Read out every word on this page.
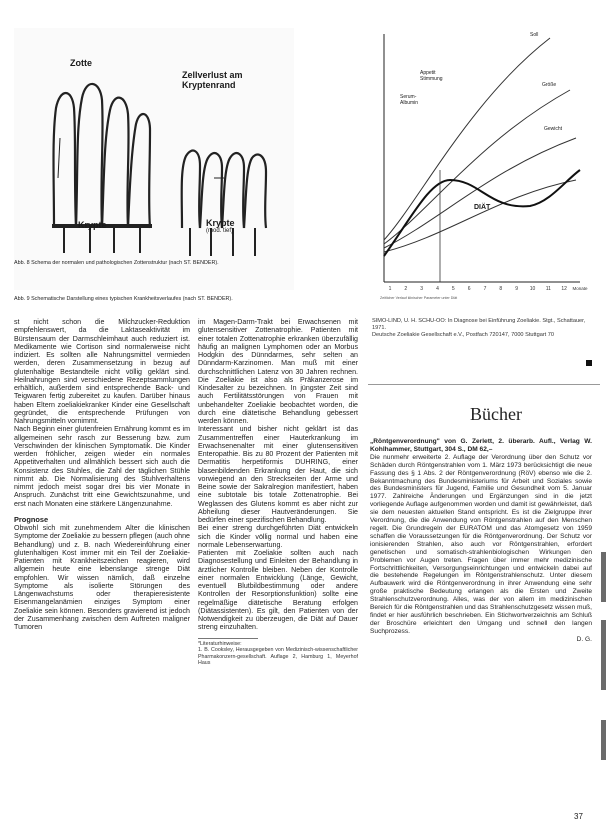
Zotte
Zellverlust am
Kryptenrand
Krypte	Krypte
(mod. tief)
Abb. 8 Schema der normalen und pathologischen Zottenstruktur (nach ST. BENDER).
Abb. 9 Schematische Darstellung eines typischen Krankheitsverlaufes (nach ST. BENDER).
1	2	3	4	5	6	7	8	9 10 11 12 Monate
Soll
Appetit
Stimmung
Größe
Serum-
Albumin
Gewicht
DIÄT
Zeitlicher Verlauf klinischer Parameter unter Diät
SIMO-LIND, U. H. SCHU-OO: In Diagnose bei Einführung Zoeliakie. Stgt., Schattauer, 1971.
Deutsche Zoeliakie Gesellschaft e.V., Postfach 720147, 7000 Stuttgart 70

st nicht schon die Milchzucker-Reduktion empfehlenswert, da die Laktaseaktivität im Bürstensaum der Darmschleimhaut auch reduziert ist. Medikamente wie Cortison sind normalerweise nicht indiziert. Es sollten alle Nahrungsmittel vermieden werden, deren Zusammensetzung in bezug auf glutenhaltige Bestandteile nicht völlig geklärt sind. Heilnahrungen sind verschiedene Rezeptsammlungen erhältlich, außerdem sind entsprechende Back- und Teigwaren fertig zubereitet zu kaufen. Darüber hinaus haben Eltern zoeliakiekranker Kinder eine Gesellschaft gegründet, die entsprechende Prüfungen von Nahrungsmitteln vornimmt.

Nach Beginn einer glutenfreien Ernährung kommt es im allgemeinen sehr rasch zur Besserung bzw. zum Verschwinden der klinischen Symptomatik. Die Kinder werden fröhlicher, zeigen wieder ein normales Appetitverhalten und allmählich bessert sich auch die Konsistenz des Stuhles, die Zahl der täglichen Stühle nimmt ab. Die Normalisierung des Stuhlverhaltens nimmt jedoch meist sogar drei bis vier Monate in Anspruch. Zunächst tritt eine Gewichtszunahme, und erst nach Monaten eine stärkere Längenzunahme.

Prognose

Obwohl sich mit zunehmendem Alter die klinischen Symptome der Zoeliakie zu bessern pflegen (auch ohne Behandlung) und z. B. nach Wiedereinführung einer glutenhaltigen Kost immer mit ein Teil der Zoeliakie-Patienten mit Krankheitszeichen reagieren, wird allgemein heute eine lebenslange strenge Diät empfohlen. Wir wissen nämlich, daß einzelne Symptome als isolierte Störungen des Längenwachstums oder therapieresistente Eisenmangelanämien einziges Symptom einer Zoeliakie sein können. Besonders gravierend ist jedoch der Zusammenhang zwischen dem Auftreten maligner Tumoren

im Magen-Darm-Trakt bei Erwachsenen mit glutensensitiver Zottenatrophie. Patienten mit einer totalen Zottenatrophie erkranken überzufällig häufig an malignen Lymphomen oder an Morbus Hodgkin des Dünndarmes, sehr selten an Dünndarm-Karzinomen. Man muß mit einer durchschnittlichen Latenz von 30 Jahren rechnen. Die Zoeliakie ist also als Präkanzerose im Kindesalter zu bezeichnen. In jüngster Zeit sind auch Fertilitätsstörungen von Frauen mit unbehandelter Zoeliakie beobachtet worden, die durch eine diätetische Behandlung gebessert werden können.

Interessant und bisher nicht geklärt ist das Zusammentreffen einer Hauterkrankung im Erwachsenenalter mit einer glutensensitiven Enteropathie. Bis zu 80 Prozent der Patienten mit Dermatitis herpetiformis DUHRING, einer blasenbildenden Erkrankung der Haut, die sich vorwiegend an den Streckseiten der Arme und Beine sowie der Sakralregion manifestiert, haben eine subtotale bis totale Zottenatrophie. Bei Weglassen des Glutens kommt es aber nicht zur Abheilung dieser Hautveränderungen. Sie bedürfen einer spezifischen Behandlung.

Bei einer streng durchgeführten Diät entwickeln sich die Kinder völlig normal und haben eine normale Lebenserwartung.

Patienten mit Zoeliakie sollten auch nach Diagnosestellung und Einleiten der Behandlung in ärztlicher Kontrolle bleiben. Neben der Kontrolle einer normalen Entwicklung (Länge, Gewicht, eventuell Blutbildbestimmung oder andere Kontrollen der Resorptionsfunktion) sollte eine regelmäßige diätetische Beratung erfolgen (Diätassistenten). Es gilt, den Patienten von der Notwendigkeit zu überzeugen, die Diät auf Dauer streng einzuhalten.

*Literaturhinweise:
1. B. Cooksley, Herausgegeben von Medizinisch-wissenschaftlicher Pharmakonzern-gesellschaft. Auflage 2, Hamburg 1, Meyerhof Haus
Bücher

„Röntgenverordnung" von G. Zerlett, 2. überarb. Aufl., Verlag W. Kohlhammer, Stuttgart, 304 S., DM 62,–

Die nunmehr erweiterte 2. Auflage der Verordnung über den Schutz vor Schäden durch Röntgenstrahlen vom 1. März 1973 berücksichtigt die neue Fassung des § 1 Abs. 2 der Röntgenverordnung (RöV) ebenso wie die 2. Bekanntmachung des Bundesministeriums für Arbeit und Soziales sowie des Bundesministers für Jugend, Familie und Gesundheit vom 5. Januar 1977. Zahlreiche Änderungen und Ergänzungen sind in die jetzt vorliegende Auflage aufgenommen worden und damit ist gewährleistet, daß sie dem neuesten aktuellen Stand entspricht. Es ist die Zielgruppe ihrer Verordnung, die die Anwendung von Röntgenstrahlen auf den Menschen regelt. Die Grundregeln der EURATOM und das Atomgesetz von 1959 schaffen die Voraussetzungen für die Röntgenverordnung. Der Schutz vor ionisierenden Strahlen, also auch vor Röntgenstrahlen, erfordert genetischen und somatisch-strahlenbiologischen Wirkungen den Problemen vor Augen treten. Fragen über immer mehr medizinische Fortschrittlichkeiten, Versorgungseinrichtungen und entwickeln dabei auf die bestehende Regelungen im Röntgenstrahlenschutz. Unter diesem Aufbauwerk wird die Röntgenverordnung in ihrer Anwendung eine sehr große praktische Bedeutung erlangen als die Ersten und Zweite Strahlenschutzverordnung. Alles, was der von allem im medizinischen Bereich für die Röntgenstrahlen und das Strahlenschutzgesetz wissen muß, findet er hier ausführlich beschrieben. Ein Stichwortverzeichnis am Schluß der Broschüre erleichtert den Umgang und schnell den langen Suchprozess.

D. G.

37
